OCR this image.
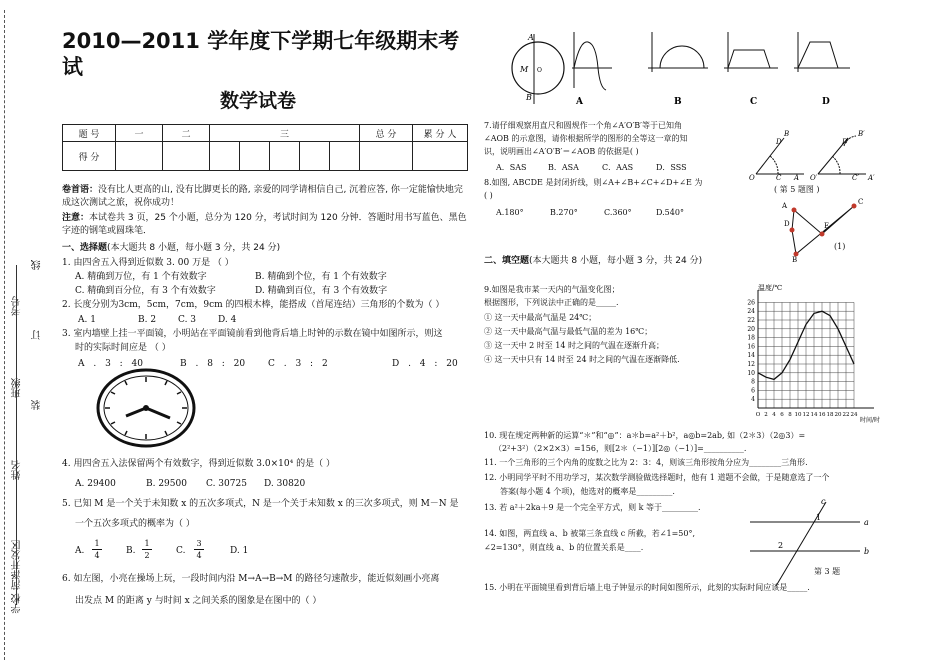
学校 菏泽开发区
姓名
班级
考号
线
订
装
2010—2011 学年度下学期七年级期末考试
数学试卷
题 号	一	二	三					总 分	累 分 人
得 分									
卷首语：没有比人更高的山, 没有比脚更长的路, 亲爱的同学请相信自己, 沉着应答, 你一定能愉快地完成这次测试之旅，祝你成功！
注意：本试卷共 3 页，25 个小题，总分为 120 分，考试时间为 120 分钟．答题时用书写蓝色、黑色字迹的钢笔或圆珠笔．
一、选择题(本大题共 8 小题，每小题 3 分，共 24 分)
1. 由四舍五入得到近似数 3. 00 万是 （ ）
A. 精确到万位，有 1 个有效数字	B. 精确到个位，有 1 个有效数字
C. 精确到百分位，有 3 个有效数字	D. 精确到百位，有 3 个有效数字
2. 长度分别为3cm，5cm，7cm，9cm 的四根木棒，能搭成（首尾连结）三角形的个数为（ ）
A. 1	B. 2 C. 3 D. 4
3. 室内墙壁上挂一平面镜，小明站在平面镜前看到他背后墙上时钟的示数在镜中如图所示，则这
时的实际时间应是 （ ）
A . 3 : 40	B . 8 : 20	C . 3 : 2	D . 4 : 20
4. 用四舍五入法保留两个有效数字，得到近似数 3.0×10⁴ 的是（ ）
A. 29400	B. 29500 C. 30725 D. 30820
5. 已知 M 是一个关于未知数 x 的五次多项式，N 是一个关于未知数 x 的三次多项式，则 M－N 是
一个五次多项式的概率为（ ）
A. $\frac{1}{4}$	B. $\frac{1}{2}$	C. $\frac{3}{4}$	D. 1
6. 如左图，小亮在操场上玩，一段时间内沿 M→A→B→M 的路径匀速散步，能近似刻画小亮离
出发点 M 的距离 y 与时间 x 之间关系的图象是在图中的（ ）
A
M
B
O
A	B	C	D
7.请仔细观察用直尺和圆规作一个角∠A′O′B′等于已知角
∠AOB 的示意图，请你根据所学的图形的全等这一章的知
识，说明画出∠A′O′B′＝∠AOB 的依据是( )
A．SAS	B．ASA	C．AAS	D．SSS
8.如图, ABCDE 是封闭折线，则∠A+∠B+∠C+∠D+∠E 为
( )
A.180°	B.270°	C.360°	D.540°
O	C A
D
B
O′	C′ A′
D′
B′
( 第 5 题图 )
A
E
C
B
D
(1)
二、填空题(本大题共 8 小题，每小题 3 分，共 24 分)
9.如图是我市某一天内的气温变化图；
根据图形，下列说法中正确的是_____.
① 这一天中最高气温是 24℃；
② 这一天中最高气温与最低气温的差为 16℃；
③ 这一天中 2 时至 14 时之间的气温在逐渐升高；
④ 这一天中只有 14 时至 24 时之间的气温在逐渐降低.
4
6
8
10
12
14
16
18
20
22
24
26
O 2 4 6 8 10 12 14 16 18 20 22 24
温度/℃
时间/时
10. 现在规定两种新的运算“＊”和“◎”：a＊b=a²＋b²，a◎b=2ab, 如（2＊3）（2◎3）=
（2²+3²）（2×2×3）=156，则[2＊（−1）][2◎（−1）]=__________.
11. 一个三角形的三个内角的度数之比为 2：3：4，则该三角形按角分应为________三角形.
12. 小明同学平时不用功学习，某次数学测验做选择题时，他有 1 道题不会做，于是随意选了一个
答案(每小题 4 个项)，他选对的概率是_________.
13. 若 a²＋2ka＋9 是一个完全平方式，则 k 等于_________.
14. 如图，两直线 a、b 被第三条直线 c 所截，若∠1=50°,
∠2=130°，则直线 a、b 的位置关系是____.
c
1
2
a
b
第 3 题
15. 小明在平面镜里看到背后墙上电子钟显示的时间如图所示，此刻的实际时间应该是_____.
